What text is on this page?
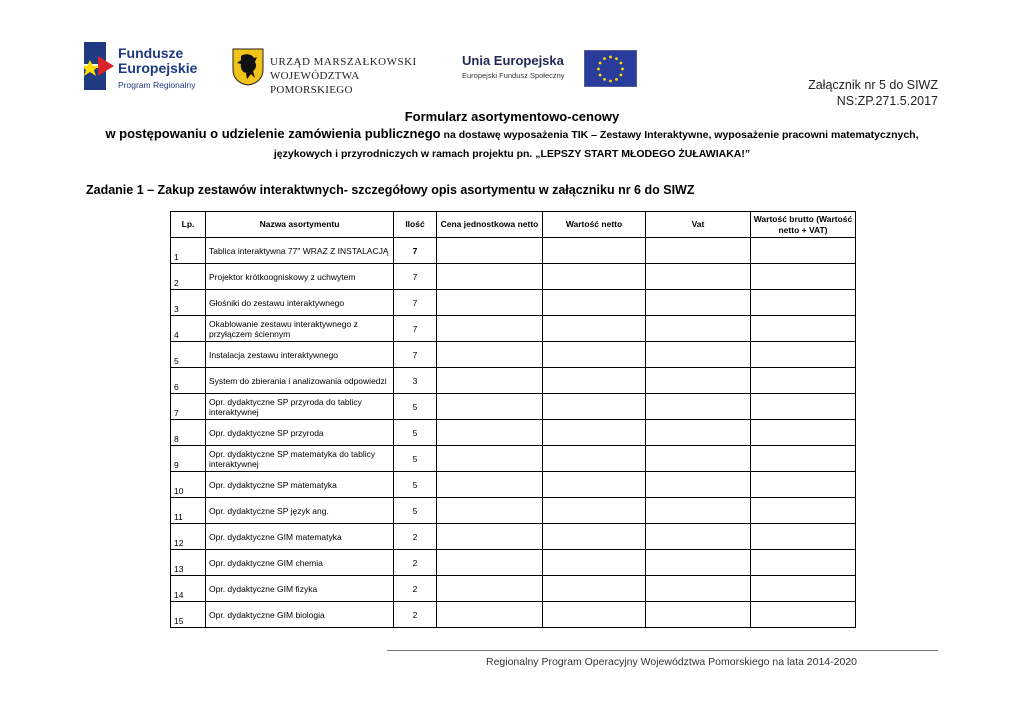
Fundusze
Europejskie
Program Regionalny
URZĄD MARSZAŁKOWSKI
WOJEWÓDZTWA POMORSKIEGO
Unia Europejska
Europejski Fundusz Społeczny
Załącznik nr 5 do SIWZ
NS:ZP.271.5.2017
Formularz asortymentowo-cenowy
w postępowaniu o udzielenie zamówienia publicznego na dostawę wyposażenia TIK – Zestawy Interaktywne, wyposażenie pracowni matematycznych, językowych i przyrodniczych w ramach projektu pn. „LEPSZY START MŁODEGO ŻUŁAWIAKA!”
Zadanie 1 – Zakup zestawów interaktwnych- szczegółowy opis asortymentu w załączniku nr 6 do SIWZ
Lp.	Nazwa asortymentu	Ilość	Cena jednostkowa netto	Wartość netto	Vat	Wartość brutto (Wartość netto + VAT)
1	Tablica interaktywna 77" WRAZ Z INSTALACJĄ	7				
2	Projektor krótkoogniskowy z uchwytem	7				
3	Głośniki do zestawu interaktywnego	7				
4	Okablowanie zestawu interaktywnego z przyłączem ściennym	7				
5	Instalacja zestawu interaktywnego	7				
6	System do zbierania i analizowania odpowiedzi	3				
7	Opr. dydaktyczne SP przyroda do tablicy interaktywnej	5				
8	Opr. dydaktyczne SP przyroda	5				
9	Opr. dydaktyczne SP matematyka do tablicy interaktywnej	5				
10	Opr. dydaktyczne SP matematyka	5				
11	Opr. dydaktyczne SP język ang.	5				
12	Opr. dydaktyczne GIM matematyka	2				
13	Opr. dydaktyczne GIM chemia	2				
14	Opr. dydaktyczne GIM fizyka	2				
15	Opr. dydaktyczne GIM biologia	2				
Regionalny Program Operacyjny Województwa Pomorskiego na lata 2014-2020
